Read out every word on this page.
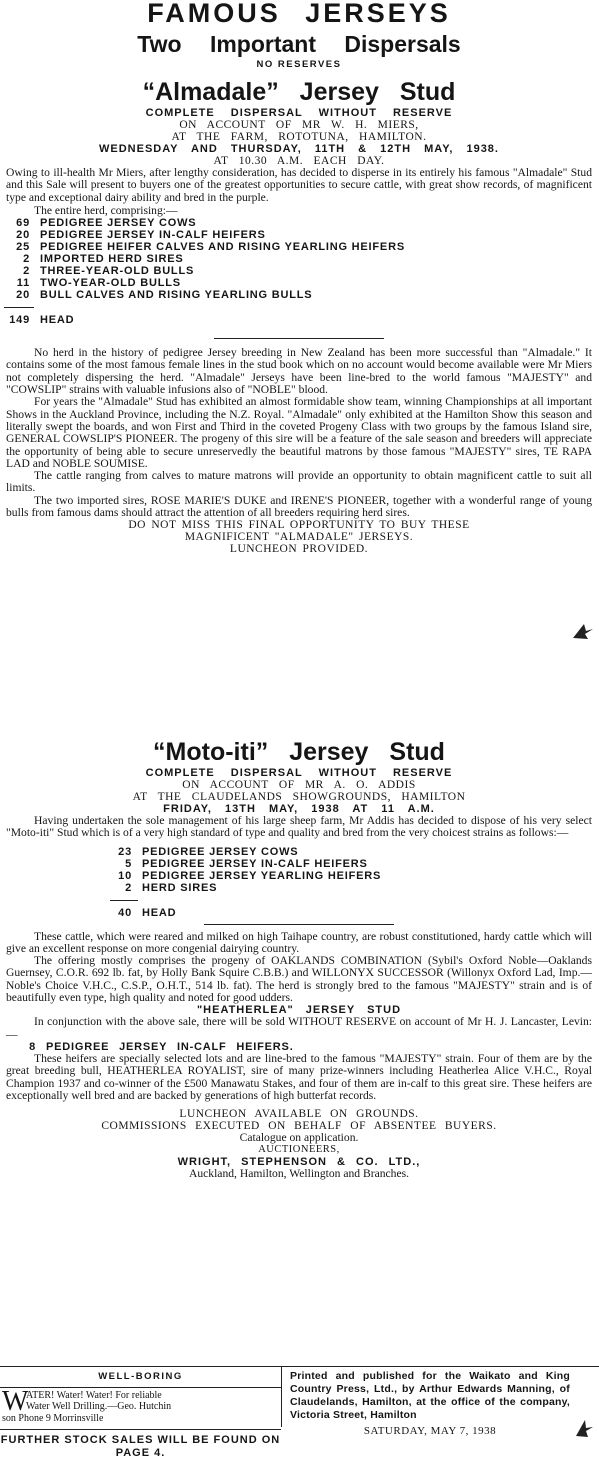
FAMOUS JERSEYS
Two Important Dispersals
NO RESERVES
“Almadale” Jersey Stud
COMPLETE DISPERSAL WITHOUT RESERVE
ON ACCOUNT OF MR W. H. MIERS,
AT THE FARM, ROTOTUNA, HAMILTON.
WEDNESDAY AND THURSDAY, 11TH & 12TH MAY, 1938.
AT 10.30 A.M. EACH DAY.

Owing to ill-health Mr Miers, after lengthy consideration, has decided to disperse in its entirely his famous "Almadale" Stud and this Sale will present to buyers one of the greatest opportunities to secure cattle, with great show records, of magnificent type and exceptional dairy ability and bred in the purple.

The entire herd, comprising:—
69 PEDIGREE JERSEY COWS
20 PEDIGREE JERSEY IN-CALF HEIFERS
25 PEDIGREE HEIFER CALVES AND RISING YEARLING HEIFERS
2 IMPORTED HERD SIRES
2 THREE-YEAR-OLD BULLS
11 TWO-YEAR-OLD BULLS
20 BULL CALVES AND RISING YEARLING BULLS
149 HEAD

No herd in the history of pedigree Jersey breeding in New Zealand has been more successful than "Almadale." It contains some of the most famous female lines in the stud book which on no account would become available were Mr Miers not completely dispersing the herd. "Almadale" Jerseys have been line-bred to the world famous "MAJESTY" and "COWSLIP" strains with valuable infusions also of "NOBLE" blood.

For years the "Almadale" Stud has exhibited an almost formidable show team, winning Championships at all important Shows in the Auckland Province, including the N.Z. Royal. "Almadale" only exhibited at the Hamilton Show this season and literally swept the boards, and won First and Third in the coveted Progeny Class with two groups by the famous Island sire, GENERAL COWSLIP'S PIONEER. The progeny of this sire will be a feature of the sale season and breeders will appreciate the opportunity of being able to secure unreservedly the beautiful matrons by those famous "MAJESTY" sires, TE RAPA LAD and NOBLE SOUMISE.

The cattle ranging from calves to mature matrons will provide an opportunity to obtain magnificent cattle to suit all limits.

The two imported sires, ROSE MARIE'S DUKE and IRENE'S PIONEER, together with a wonderful range of young bulls from famous dams should attract the attention of all breeders requiring herd sires.

DO NOT MISS THIS FINAL OPPORTUNITY TO BUY THESE
MAGNIFICENT "ALMADALE" JERSEYS.
LUNCHEON PROVIDED.
“Moto-iti” Jersey Stud
COMPLETE DISPERSAL WITHOUT RESERVE
ON ACCOUNT OF MR A. O. ADDIS
AT THE CLAUDELANDS SHOWGROUNDS, HAMILTON
FRIDAY, 13TH MAY, 1938 AT 11 A.M.

Having undertaken the sole management of his large sheep farm, Mr Addis has decided to dispose of his very select "Moto-iti" Stud which is of a very high standard of type and quality and bred from the very choicest strains as follows:—

23 PEDIGREE JERSEY COWS
5 PEDIGREE JERSEY IN-CALF HEIFERS
10 PEDIGREE JERSEY YEARLING HEIFERS
2 HERD SIRES
40 HEAD

These cattle, which were reared and milked on high Taihape country, are robust constitutioned, hardy cattle which will give an excellent response on more congenial dairying country.

The offering mostly comprises the progeny of OAKLANDS COMBINATION (Sybil's Oxford Noble—Oaklands Guernsey, C.O.R. 692 lb. fat, by Holly Bank Squire C.B.B.) and WILLONYX SUCCESSOR (Willonyx Oxford Lad, Imp.—Noble's Choice V.H.C., C.S.P., O.H.T., 514 lb. fat). The herd is strongly bred to the famous "MAJESTY" strain and is of beautifully even type, high quality and noted for good udders.

"HEATHERLEA" JERSEY STUD

In conjunction with the above sale, there will be sold WITHOUT RESERVE on account of Mr H. J. Lancaster, Levin:—

8 PEDIGREE JERSEY IN-CALF HEIFERS.

These heifers are specially selected lots and are line-bred to the famous "MAJESTY" strain. Four of them are by the great breeding bull, HEATHERLEA ROYALIST, sire of many prize-winners including Heatherlea Alice V.H.C., Royal Champion 1937 and co-winner of the £500 Manawatu Stakes, and four of them are in-calf to this great sire. These heifers are exceptionally well bred and are backed by generations of high butterfat records.

LUNCHEON AVAILABLE ON GROUNDS.
COMMISSIONS EXECUTED ON BEHALF OF ABSENTEE BUYERS.
Catalogue on application.
AUCTIONEERS,
WRIGHT, STEPHENSON & CO. LTD.,
Auckland, Hamilton, Wellington and Branches.
WELL-BORING
W
ATER! Water! Water! For reliable
Water Well Drilling.—Geo. Hutchin
son Phone 9 Morrinsville
FURTHER STOCK SALES WILL BE FOUND ON PAGE 4.

Printed and published for the Waikato and King Country Press, Ltd., by Arthur Edwards Manning, of Claudelands, Hamilton, at the office of the company, Victoria Street, Hamilton

SATURDAY, MAY 7, 1938
